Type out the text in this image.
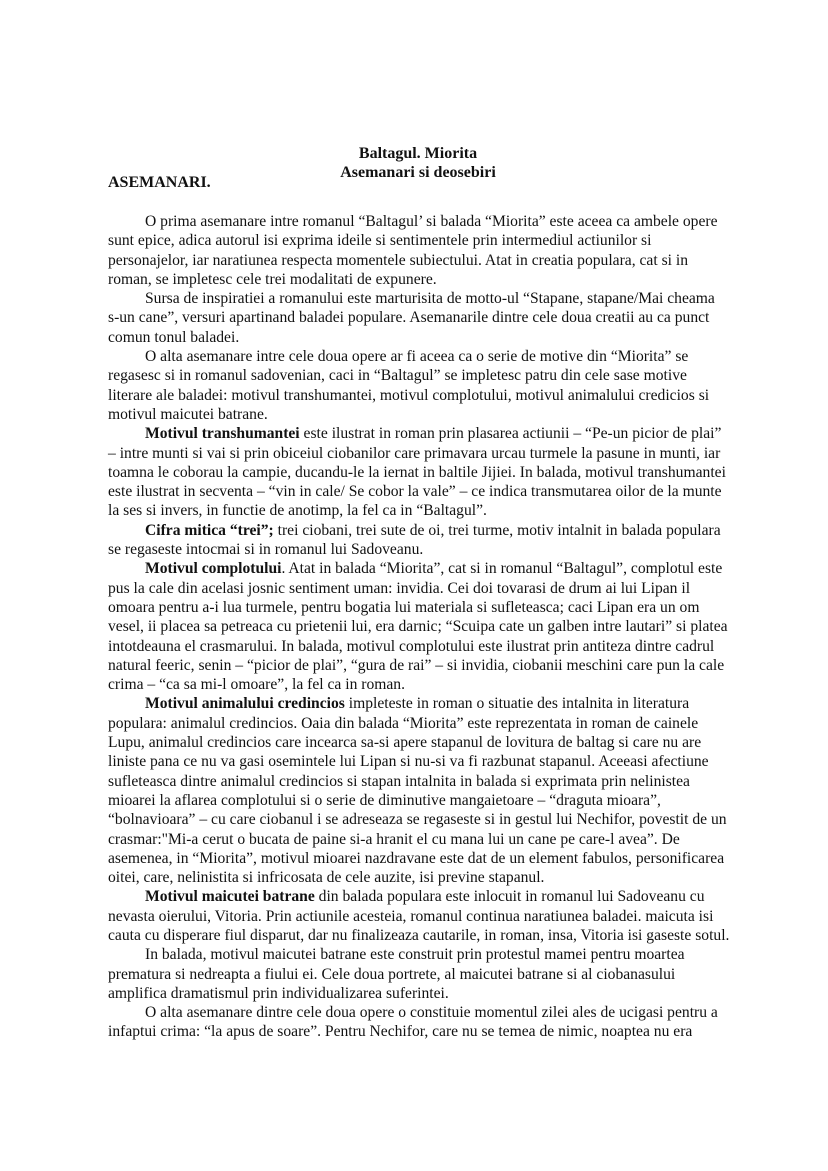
Baltagul. Miorita
Asemanari si deosebiri
ASEMANARI.
O prima asemanare intre romanul “Baltagul’ si balada “Miorita” este aceea ca ambele opere
sunt epice, adica autorul isi exprima ideile si sentimentele prin intermediul actiunilor si
personajelor, iar naratiunea respecta momentele subiectului. Atat in creatia populara, cat si in
roman, se impletesc cele trei modalitati de expunere.
Sursa de inspiratiei a romanului este marturisita de motto-ul “Stapane, stapane/Mai cheama
s-un cane”, versuri apartinand baladei populare. Asemanarile dintre cele doua creatii au ca punct
comun tonul baladei.
O alta asemanare intre cele doua opere ar fi aceea ca o serie de motive din “Miorita” se
regasesc si in romanul sadovenian, caci in “Baltagul” se impletesc patru din cele sase motive
literare ale baladei: motivul transhumantei, motivul complotului, motivul animalului credicios si
motivul maicutei batrane.
Motivul transhumantei este ilustrat in roman prin plasarea actiunii – “Pe-un picior de plai”
– intre munti si vai si prin obiceiul ciobanilor care primavara urcau turmele la pasune in munti, iar
toamna le coborau la campie, ducandu-le la iernat in baltile Jijiei. In balada, motivul transhumantei
este ilustrat in secventa – “vin in cale/ Se cobor la vale” – ce indica transmutarea oilor de la munte
la ses si invers, in functie de anotimp, la fel ca in “Baltagul”.
Cifra mitica “trei”; trei ciobani, trei sute de oi, trei turme, motiv intalnit in balada populara
se regaseste intocmai si in romanul lui Sadoveanu.
Motivul complotului. Atat in balada “Miorita”, cat si in romanul “Baltagul”, complotul este
pus la cale din acelasi josnic sentiment uman: invidia. Cei doi tovarasi de drum ai lui Lipan il
omoara pentru a-i lua turmele, pentru bogatia lui materiala si sufleteasca; caci Lipan era un om
vesel, ii placea sa petreaca cu prietenii lui, era darnic; “Scuipa cate un galben intre lautari” si platea
intotdeauna el crasmarului. In balada, motivul complotului este ilustrat prin antiteza dintre cadrul
natural feeric, senin – “picior de plai”, “gura de rai” – si invidia, ciobanii meschini care pun la cale
crima – “ca sa mi-l omoare”, la fel ca in roman.
Motivul animalului credincios impleteste in roman o situatie des intalnita in literatura
populara: animalul credincios. Oaia din balada “Miorita” este reprezentata in roman de cainele
Lupu, animalul credincios care incearca sa-si apere stapanul de lovitura de baltag si care nu are
liniste pana ce nu va gasi osemintele lui Lipan si nu-si va fi razbunat stapanul. Aceeasi afectiune
sufleteasca dintre animalul credincios si stapan intalnita in balada si exprimata prin nelinistea
mioarei la aflarea complotului si o serie de diminutive mangaietoare – “draguta mioara”,
“bolnavioara” – cu care ciobanul i se adreseaza se regaseste si in gestul lui Nechifor, povestit de un
crasmar:"Mi-a cerut o bucata de paine si-a hranit el cu mana lui un cane pe care-l avea”. De
asemenea, in “Miorita”, motivul mioarei nazdravane este dat de un element fabulos, personificarea
oitei, care, nelinistita si infricosata de cele auzite, isi previne stapanul.
Motivul maicutei batrane din balada populara este inlocuit in romanul lui Sadoveanu cu
nevasta oierului, Vitoria. Prin actiunile acesteia, romanul continua naratiunea baladei. maicuta isi
cauta cu disperare fiul disparut, dar nu finalizeaza cautarile, in roman, insa, Vitoria isi gaseste sotul.
In balada, motivul maicutei batrane este construit prin protestul mamei pentru moartea
prematura si nedreapta a fiului ei. Cele doua portrete, al maicutei batrane si al ciobanasului
amplifica dramatismul prin individualizarea suferintei.
O alta asemanare dintre cele doua opere o constituie momentul zilei ales de ucigasi pentru a
infaptui crima: “la apus de soare”. Pentru Nechifor, care nu se temea de nimic, noaptea nu era
